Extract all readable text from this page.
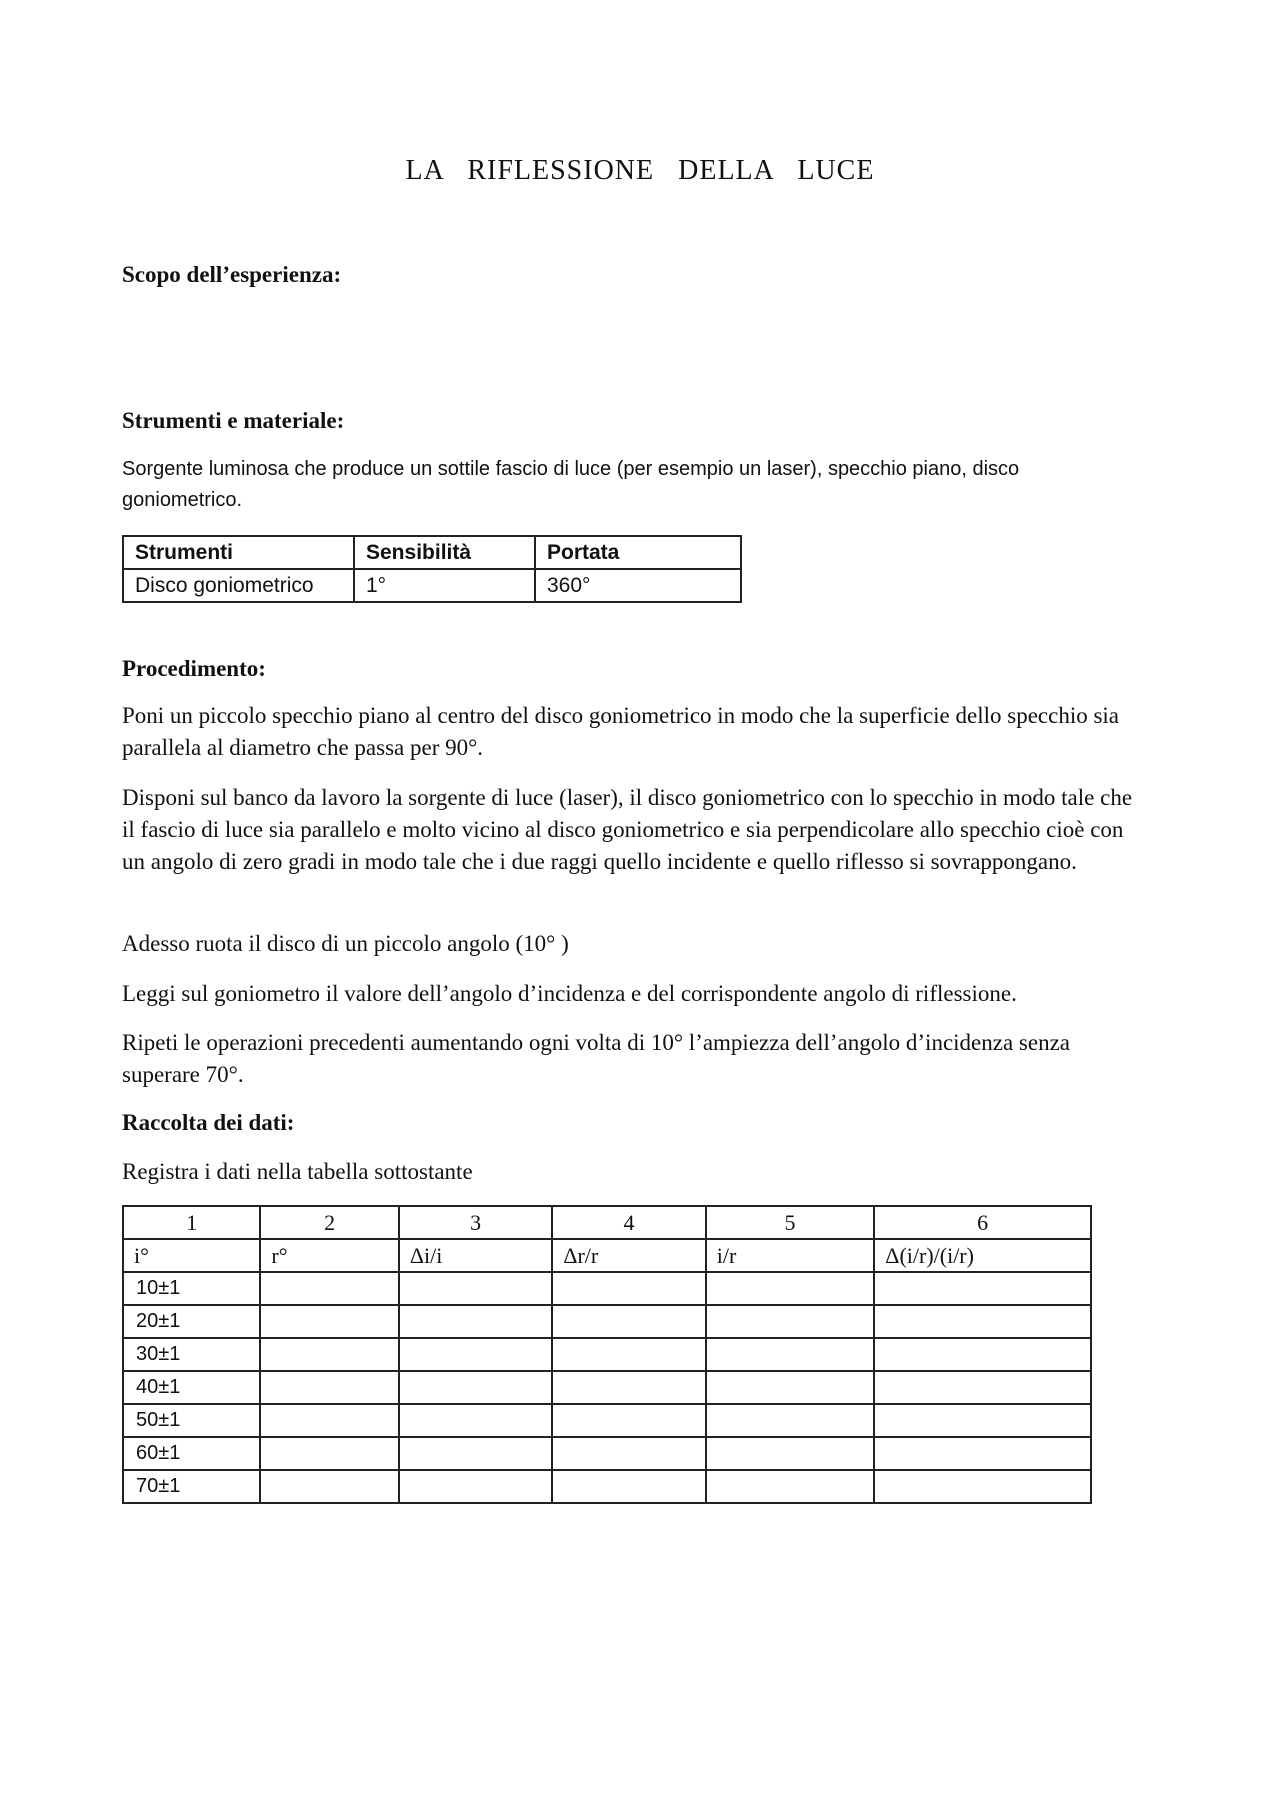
LA RIFLESSIONE DELLA LUCE
Scopo dell’esperienza:
Strumenti e materiale:

Sorgente luminosa che produce un sottile fascio di luce (per esempio un laser), specchio piano, disco goniometrico.

Strumenti	Sensibilità	Portata
Disco goniometrico	1°	360°
Procedimento:

Poni un piccolo specchio piano al centro del disco goniometrico in modo che la superficie dello specchio sia parallela al diametro che passa per 90°.

Disponi sul banco da lavoro la sorgente di luce (laser), il disco goniometrico con lo specchio in modo tale che il fascio di luce sia parallelo e molto vicino al disco goniometrico e sia perpendicolare allo specchio cioè con un angolo di zero gradi in modo tale che i due raggi quello incidente e quello riflesso si sovrappongano.

Adesso ruota il disco di un piccolo angolo (10° )

Leggi sul goniometro il valore dell’angolo d’incidenza e del corrispondente angolo di riflessione.

Ripeti le operazioni precedenti aumentando ogni volta di 10° l’ampiezza dell’angolo d’incidenza senza superare 70°.

Raccolta dei dati:

Registra i dati nella tabella sottostante

1	2	3	4	5	6
i°	r°	Δi/i	Δr/r	i/r	Δ(i/r)/(i/r)
10±1					
20±1					
30±1					
40±1					
50±1					
60±1					
70±1					
